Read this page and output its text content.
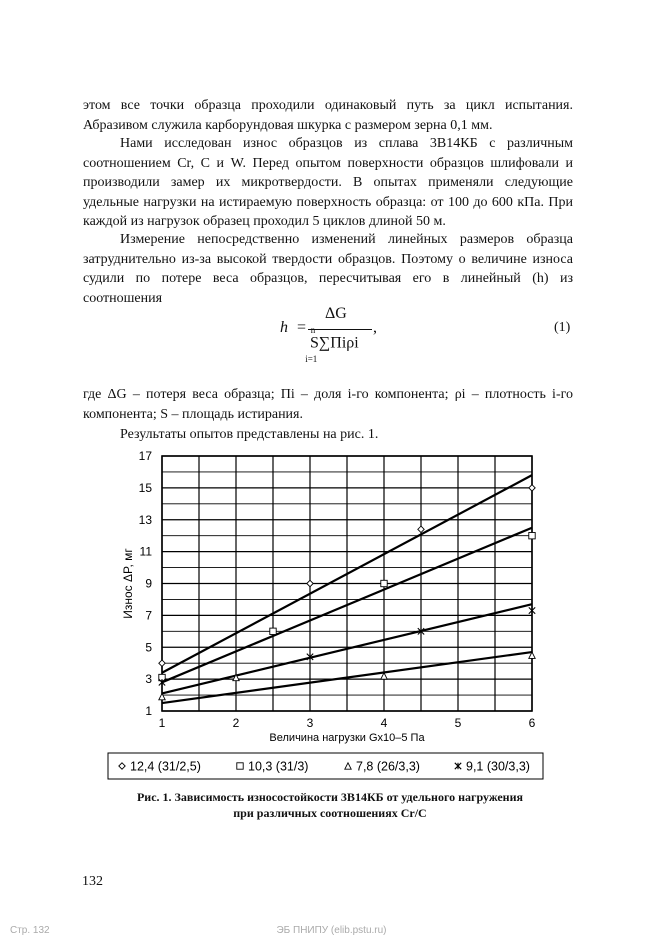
этом все точки образца проходили одинаковый путь за цикл испытания. Абразивом служила карборундовая шкурка с размером зерна 0,1 мм.

Нами исследован износ образцов из сплава 3В14КБ с различным соотношением Cr, C и W. Перед опытом поверхности образцов шлифовали и производили замер их микротвердости. В опытах применяли следующие удельные нагрузки на истираемую поверхность образца: от 100 до 600 кПа. При каждой из нагрузок образец проходил 5 циклов длиной 50 м.

Измерение непосредственно изменений линейных размеров образца затруднительно из-за высокой твердости образцов. Поэтому о величине износа судили по потере веса образцов, пересчитывая его в линейный (h) из соотношения

h =
ΔG
S∑Πiρi $^n$ $_{i=1}$
,	(1)

где ΔG – потеря веса образца; Пi – доля i-го компонента; ρi – плотность i-го компонента; S – площадь истирания.

Результаты опытов представлены на рис. 1.

1	2	3	4	5	6
1
3
5
7
9
11
13
15
17
Износ ΔP, мг
Величина нагрузки Gx10–5 Па
12,4 (31/2,5)	10,3 (31/3)	7,8 (26/3,3)	9,1 (30/3,3)
Рис. 1. Зависимость износостойкости 3В14КБ от удельного нагружения
при различных соотношениях Cr/C
132
Стр. 132	ЭБ ПНИПУ (elib.pstu.ru)
